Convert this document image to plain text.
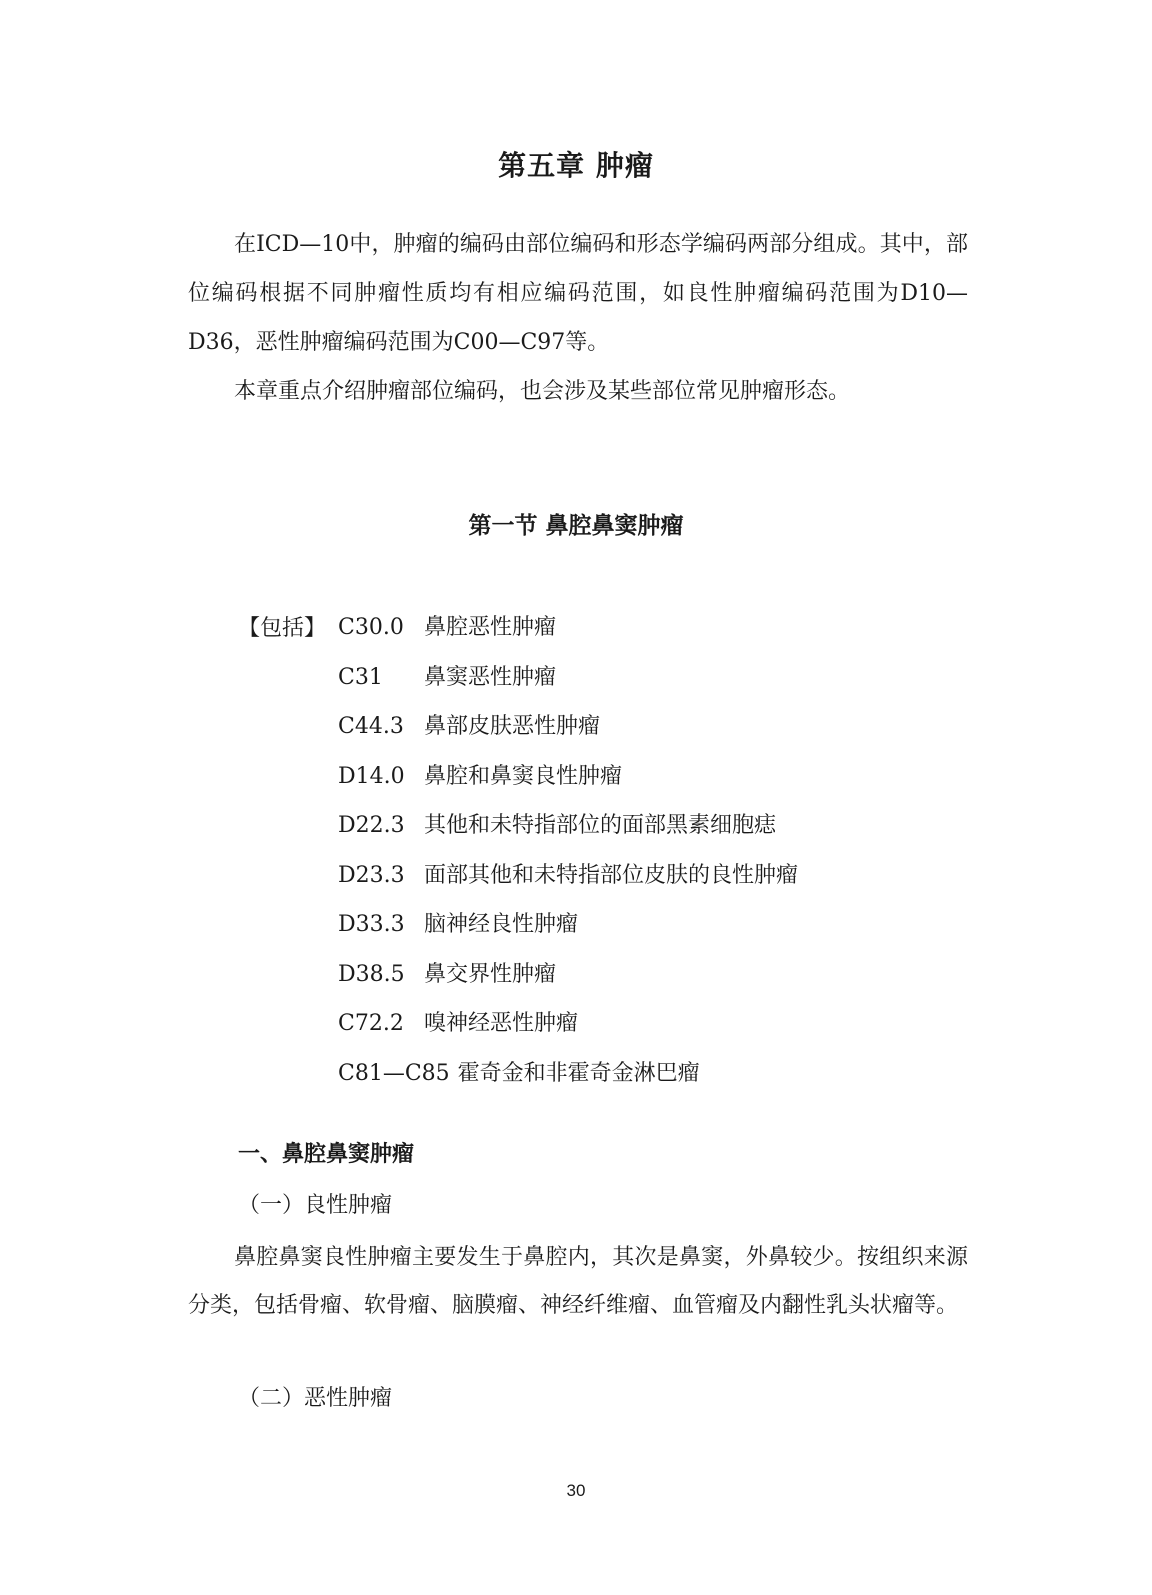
第五章 肿瘤

在ICD—10中，肿瘤的编码由部位编码和形态学编码两部分组成。其中，部位编码根据不同肿瘤性质均有相应编码范围，如良性肿瘤编码范围为D10—D36，恶性肿瘤编码范围为C00—C97等。

本章重点介绍肿瘤部位编码，也会涉及某些部位常见肿瘤形态。

第一节 鼻腔鼻窦肿瘤
【包括】 C30.0 鼻腔恶性肿瘤
C31 鼻窦恶性肿瘤
C44.3 鼻部皮肤恶性肿瘤
D14.0 鼻腔和鼻窦良性肿瘤
D22.3 其他和未特指部位的面部黑素细胞痣
D23.3 面部其他和未特指部位皮肤的良性肿瘤
D33.3 脑神经良性肿瘤
D38.5 鼻交界性肿瘤
C72.2 嗅神经恶性肿瘤
C81—C85 霍奇金和非霍奇金淋巴瘤
一、鼻腔鼻窦肿瘤

（一）良性肿瘤

鼻腔鼻窦良性肿瘤主要发生于鼻腔内，其次是鼻窦，外鼻较少。按组织来源分类，包括骨瘤、软骨瘤、脑膜瘤、神经纤维瘤、血管瘤及内翻性乳头状瘤等。

（二）恶性肿瘤

30
